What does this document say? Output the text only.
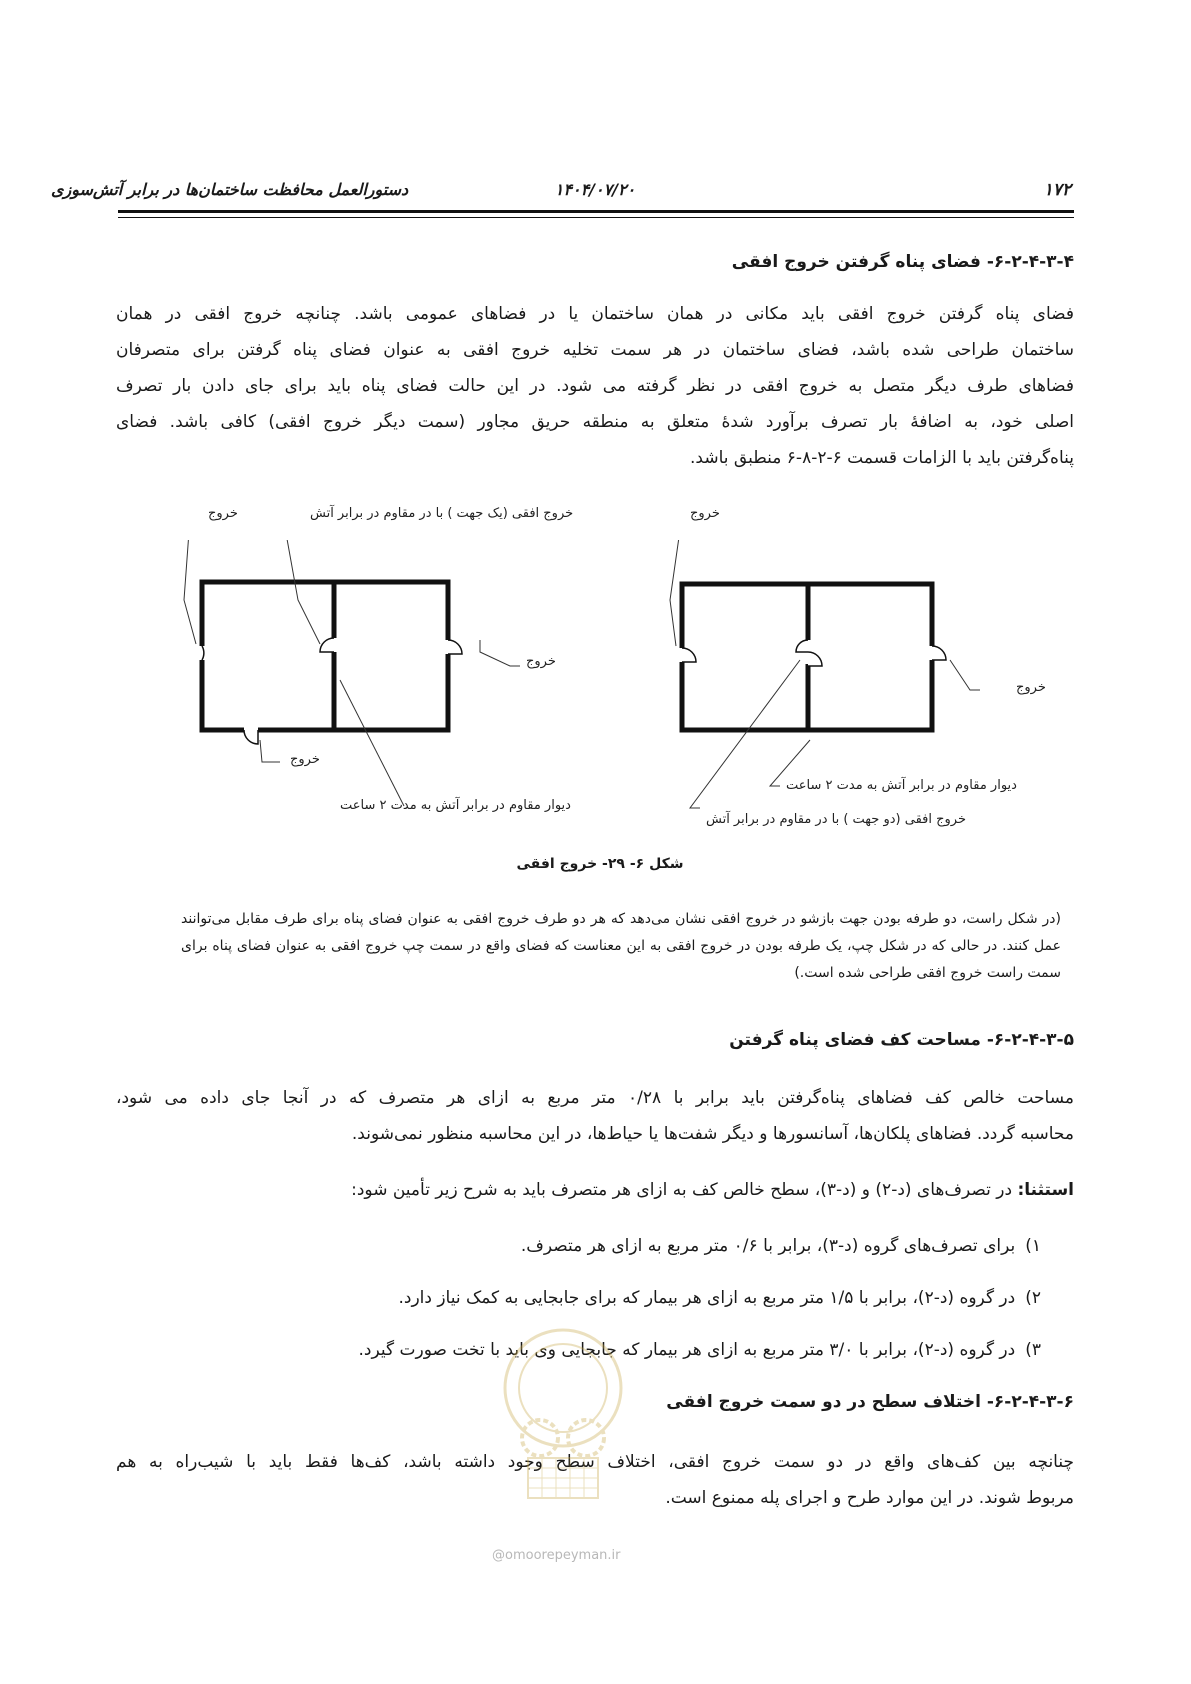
دستورالعمل محافظت ساختمان‌ها در برابر آتش‌سوزی	۱۴۰۴/۰۷/۲۰	۱۷۲
۶-۲-۴-۳-۴- فضای پناه گرفتن خروج افقی
فضای پناه گرفتن خروج افقی باید مکانی در همان ساختمان یا در فضاهای عمومی باشد. چنانچه خروج افقی در همان
ساختمان طراحی شده باشد، فضای ساختمان در هر سمت تخلیه خروج افقی به عنوان فضای پناه گرفتن برای متصرفان
فضاهای طرف دیگر متصل به خروج افقی در نظر گرفته می شود. در این حالت فضای پناه باید برای جای دادن بار تصرف
اصلی خود، به اضافهٔ بار تصرف برآورد شدهٔ متعلق به منطقه حریق مجاور (سمت دیگر خروج افقی) کافی باشد. فضای
پناه‌گرفتن باید با الزامات قسمت ۶-۲-۸-۶ منطبق باشد.
خروج	خروج افقی (یک جهت ) با در مقاوم در برابر آتش
خروج
خروج
دیوار مقاوم در برابر آتش به مدت ۲ ساعت
خروج
خروج
دیوار مقاوم در برابر آتش به مدت ۲ ساعت
خروج افقی (دو جهت ) با در مقاوم در برابر آتش
شکل ۶- ۲۹- خروج افقی
(در شکل راست، دو طرفه بودن جهت بازشو در خروج افقی نشان می‌دهد که هر دو طرف خروج افقی به عنوان فضای پناه برای طرف مقابل می‌توانند عمل کنند. در حالی که در شکل چپ، یک طرفه بودن در خروج افقی به این معناست که فضای واقع در سمت چپ خروج افقی به عنوان فضای پناه برای سمت راست خروج افقی طراحی شده است.)
۶-۲-۴-۳-۵- مساحت کف فضای پناه گرفتن
مساحت خالص کف فضاهای پناه‌گرفتن باید برابر با ۰/۲۸ متر مربع به ازای هر متصرف که در آنجا جای داده می شود،
محاسبه گردد. فضاهای پلکان‌ها، آسانسورها و دیگر شفت‌ها یا حیاط‌ها، در این محاسبه منظور نمی‌شوند.
استثنا: در تصرف‌های (د-۲) و (د-۳)، سطح خالص کف به ازای هر متصرف باید به شرح زیر تأمین شود:
۱)برای تصرف‌های گروه (د-۳)، برابر با ۰/۶ متر مربع به ازای هر متصرف.
۲)در گروه (د-۲)، برابر با ۱/۵ متر مربع به ازای هر بیمار که برای جابجایی به کمک نیاز دارد.
۳)در گروه (د-۲)، برابر با ۳/۰ متر مربع به ازای هر بیمار که جابجایی وی باید با تخت صورت گیرد.
۶-۲-۴-۳-۶- اختلاف سطح در دو سمت خروج افقی
چنانچه بین کف‌های واقع در دو سمت خروج افقی، اختلاف سطح وجود داشته باشد، کف‌ها فقط باید با شیب‌راه به هم
مربوط شوند. در این موارد طرح و اجرای پله ممنوع است.
@omoorepeyman.ir
